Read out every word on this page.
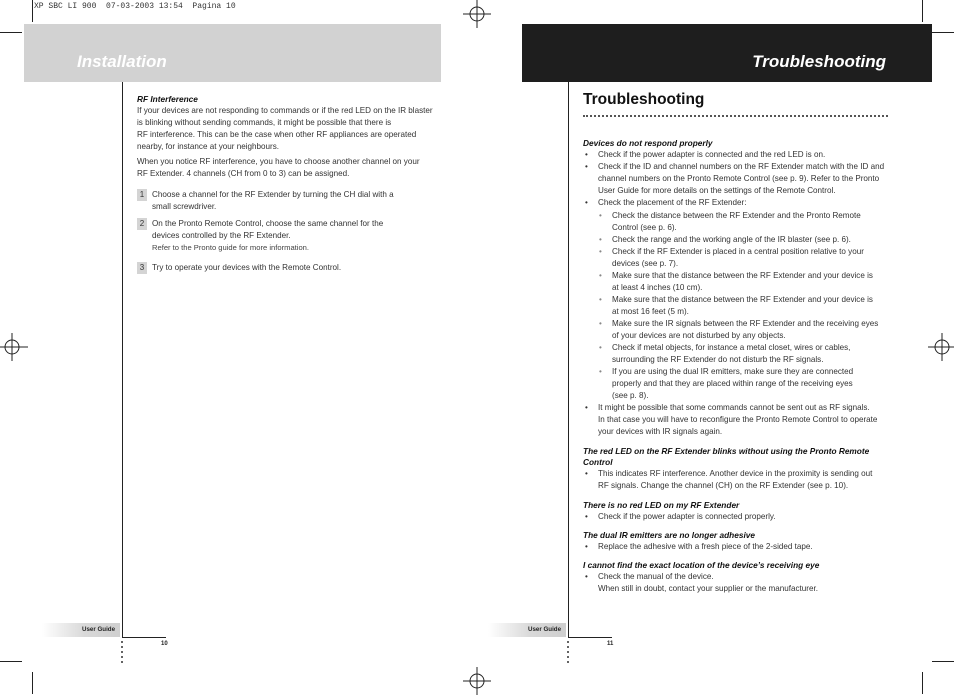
XP SBC LI 900  07-03-2003 13:54  Pagina 10
Installation	Troubleshooting
RF Interference

If your devices are not responding to commands or if the red LED on the IR blaster

is blinking without sending commands, it might be possible that there is

RF interference. This can be the case when other RF appliances are operated

nearby, for instance at your neighbours.

When you notice RF interference, you have to choose another channel on your

RF Extender. 4 channels (CH from 0 to 3) can be assigned.

1 Choose a channel for the RF Extender by turning the CH dial with a
small screwdriver.
2 On the Pronto Remote Control, choose the same channel for the
devices controlled by the RF Extender.
Refer to the Pronto guide for more information.
3 Try to operate your devices with the Remote Control.
User Guide
10
Troubleshooting
Devices do not respond properly
• Check if the power adapter is connected and the red LED is on.
• Check if the ID and channel numbers on the RF Extender match with the ID and
channel numbers on the Pronto Remote Control (see p. 9). Refer to the Pronto
User Guide for more details on the settings of the Remote Control.
• Check the placement of the RF Extender:
• Check the distance between the RF Extender and the Pronto Remote
Control (see p. 6).
• Check the range and the working angle of the IR blaster (see p. 6).
• Check if the RF Extender is placed in a central position relative to your
devices (see p. 7).
• Make sure that the distance between the RF Extender and your device is
at least 4 inches (10 cm).
• Make sure that the distance between the RF Extender and your device is
at most 16 feet (5 m).
• Make sure the IR signals between the RF Extender and the receiving eyes
of your devices are not disturbed by any objects.
• Check if metal objects, for instance a metal closet, wires or cables,
surrounding the RF Extender do not disturb the RF signals.
• If you are using the dual IR emitters, make sure they are connected
properly and that they are placed within range of the receiving eyes
(see p. 8).
• It might be possible that some commands cannot be sent out as RF signals.
In that case you will have to reconfigure the Pronto Remote Control to operate
your devices with IR signals again.
The red LED on the RF Extender blinks without using the Pronto Remote
Control
• This indicates RF interference. Another device in the proximity is sending out
RF signals. Change the channel (CH) on the RF Extender (see p. 10).
There is no red LED on my RF Extender
• Check if the power adapter is connected properly.
The dual IR emitters are no longer adhesive
• Replace the adhesive with a fresh piece of the 2-sided tape.
I cannot find the exact location of the device’s receiving eye
• Check the manual of the device.
When still in doubt, contact your supplier or the manufacturer.
User Guide
11
